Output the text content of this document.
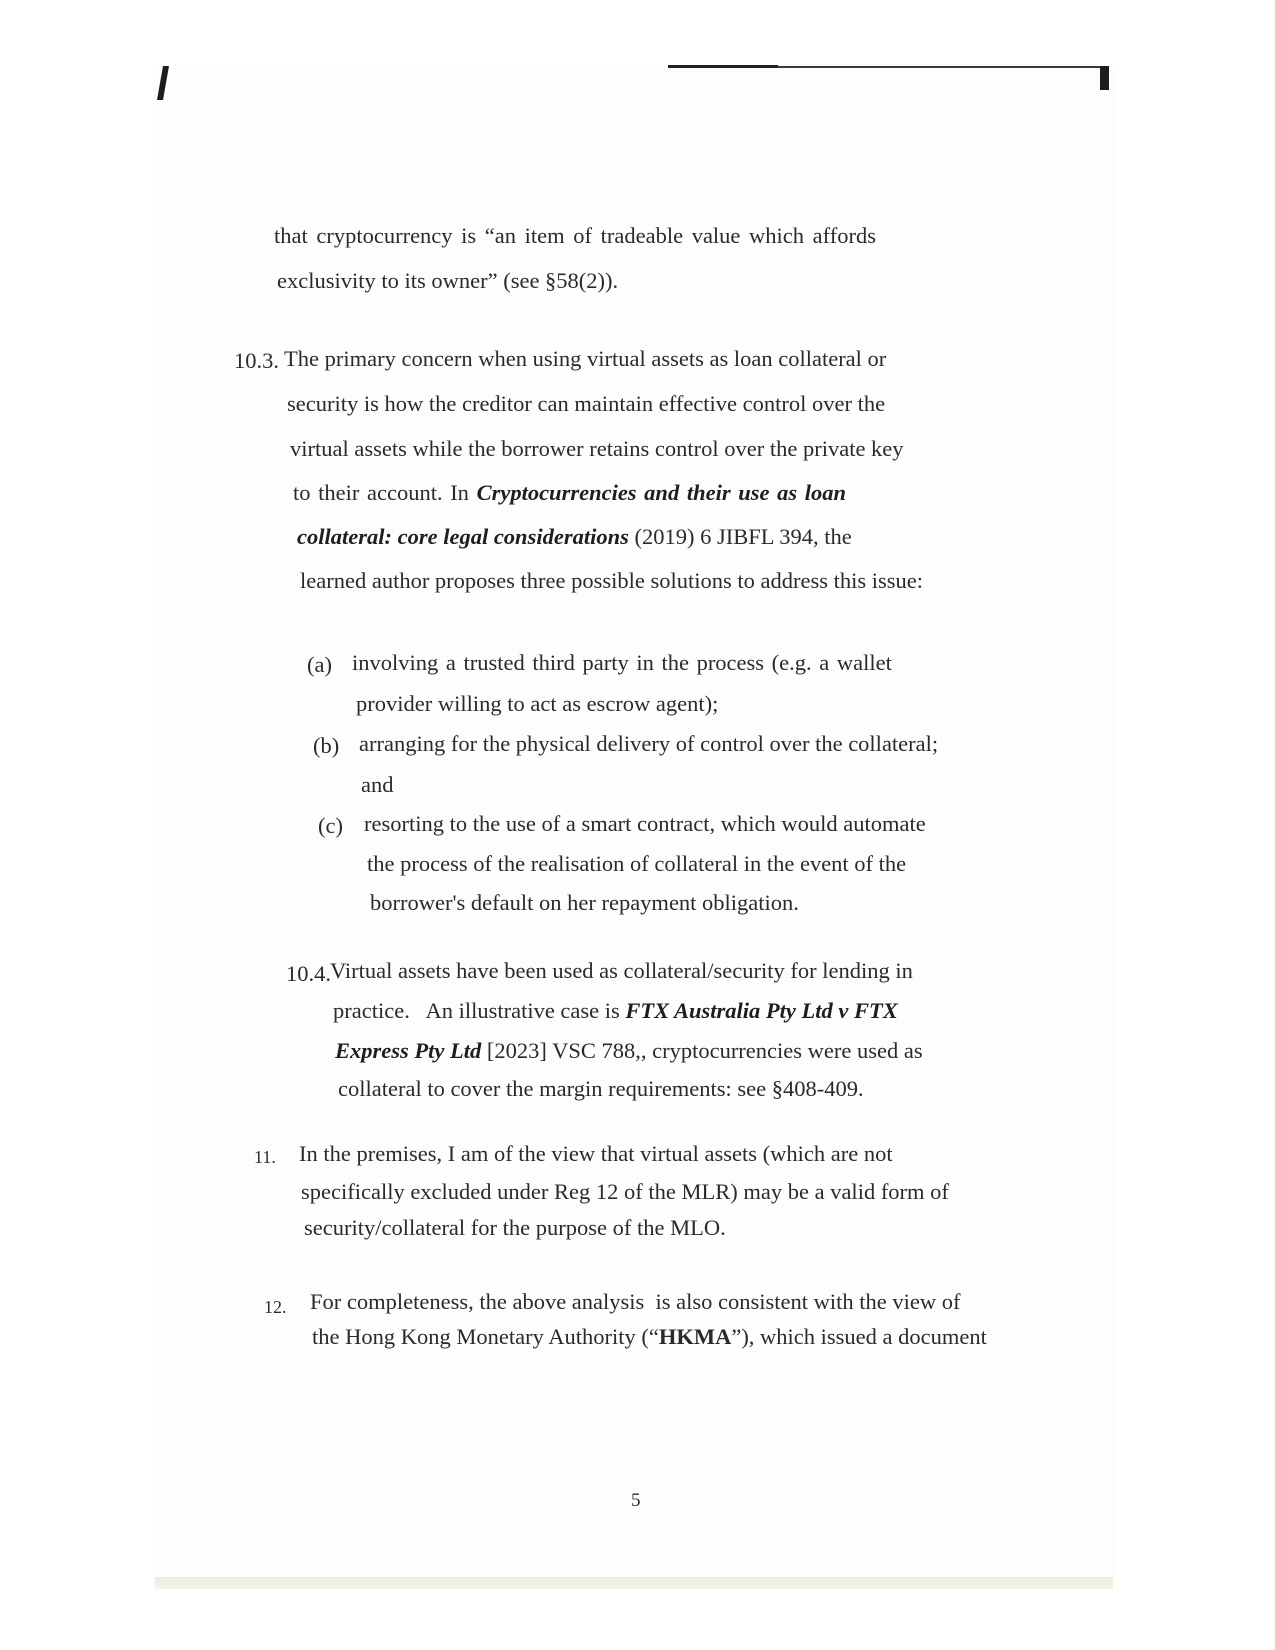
that cryptocurrency is “an item of tradeable value which affords
exclusivity to its owner” (see §58(2)).
10.3. The primary concern when using virtual assets as loan collateral or
security is how the creditor can maintain effective control over the
virtual assets while the borrower retains control over the private key
to their account. In Cryptocurrencies and their use as loan
collateral: core legal considerations (2019) 6 JIBFL 394, the
learned author proposes three possible solutions to address this issue:
(a) involving a trusted third party in the process (e.g. a wallet
provider willing to act as escrow agent);
(b) arranging for the physical delivery of control over the collateral;
and
(c) resorting to the use of a smart contract, which would automate
the process of the realisation of collateral in the event of the
borrower's default on her repayment obligation.
10.4. Virtual assets have been used as collateral/security for lending in
practice.   An illustrative case is FTX Australia Pty Ltd v FTX
Express Pty Ltd [2023] VSC 788,, cryptocurrencies were used as
collateral to cover the margin requirements: see §408-409.
11. In the premises, I am of the view that virtual assets (which are not
specifically excluded under Reg 12 of the MLR) may be a valid form of
security/collateral for the purpose of the MLO.
12. For completeness, the above analysis  is also consistent with the view of
the Hong Kong Monetary Authority (“HKMA”), which issued a document
5
